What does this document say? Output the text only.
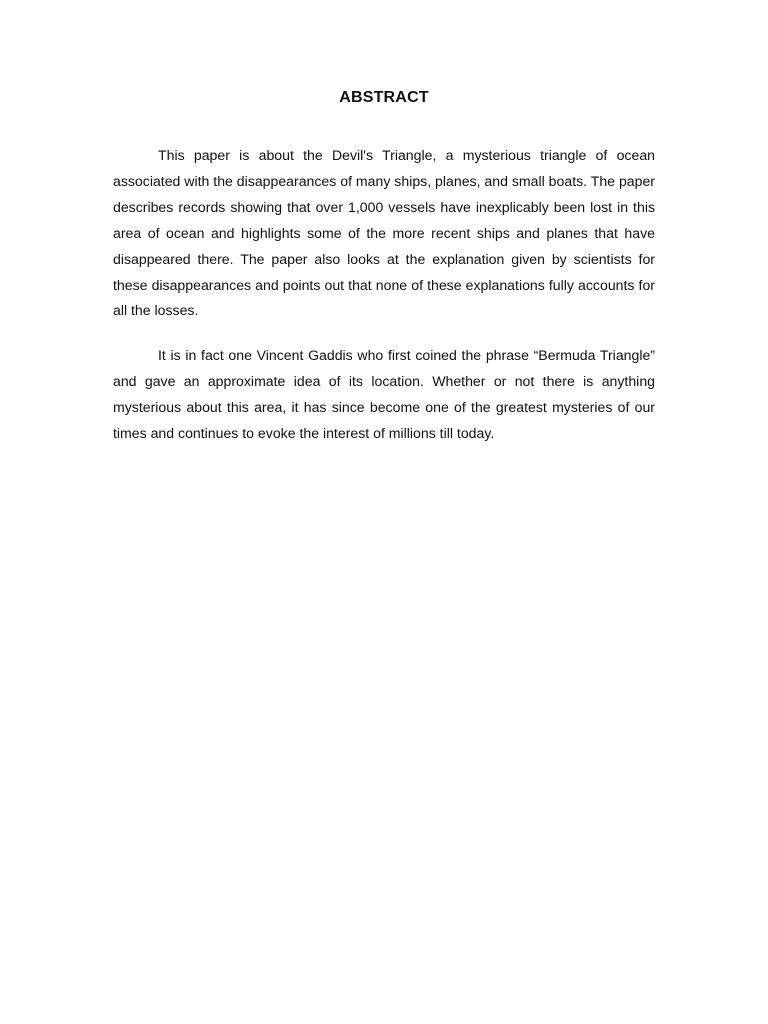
ABSTRACT

This paper is about the Devil's Triangle, a mysterious triangle of ocean associated with the disappearances of many ships, planes, and small boats. The paper describes records showing that over 1,000 vessels have inexplicably been lost in this area of ocean and highlights some of the more recent ships and planes that have disappeared there. The paper also looks at the explanation given by scientists for these disappearances and points out that none of these explanations fully accounts for all the losses.

It is in fact one Vincent Gaddis who first coined the phrase “Bermuda Triangle” and gave an approximate idea of its location. Whether or not there is anything mysterious about this area, it has since become one of the greatest mysteries of our times and continues to evoke the interest of millions till today.
